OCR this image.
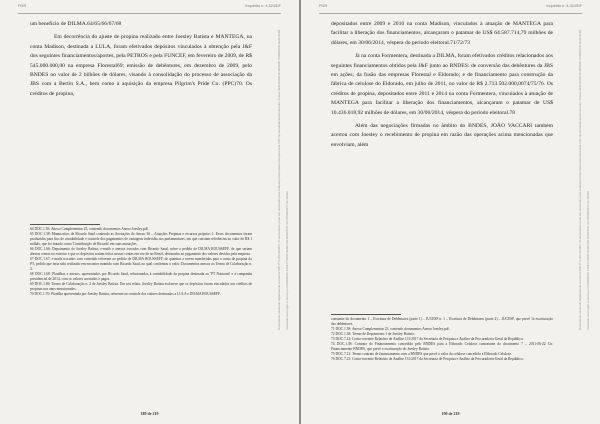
PGR	Inquérito n. 4.324/DF

um benefício de DILMA.64/65/66/67/68

Em decorrência do ajuste de propina realizado entre Joesley Batista e MANTEGA, na conta Madison, destinada a LULA, foram efetivados depósitos vinculados à obtenção pela J&F dos seguintes financiamentos/aportes, pela PETROS e pela FUNCEF, em fevereiro de 2009, de R$ 545.000.000,00 na empresa Florestal69; emissão de debêntures, em dezembro de 2009, pelo BNDES no valor de 2 bilhões de dólares, visando à consolidação do processo de associação da JBS com a Bertin S.A., bem como à aquisição da empresa Pilgrim's Pride Co. (PPC)70. Os créditos de propina,

64 DOC.1.36: Anexo Complementar 23, contendo documentos Anexo Joesley.pdf.

65 DOC.1.38: Manuscritos de Ricardo Saud contendo as Anotações do Anexo 36 – Atuações Propinas e recursos próprios 1. Esses documentos foram produzidos para fins de contabilidade e controle dos pagamentos de vantagens indevidas aos parlamentares, em que constam referências ao valor do R$ 1 milhão, que foi tratado como 'Contribuição de Ricardo' em suas anotações.

66 DOC.1.66: Depoimento de Joesley Batista, e-mails e anexos trocados com Ricardo Saud, sobre o pedido de DILMA ROUSSEFF, de que seriam abertas contas no exterior e que os depósitos seriam feitos nessas contas em vez de no Brasil, destinados ao pagamento dos valores devidos pela empresa.

67 DOC.1.67: e-mails trocados com conteúdo referente ao pedido de DILMA ROUSSEFF, de quantias a serem transferidas para a conta de propina do PT, pedido que teria sido realizado em encontro mantido com Ricardo Saud, no qual confirmou o valor. Documentos anexos ao Termo de Colaboração n. 3.

68 DOC.1.68: Planilhas e anexos, apresentados por Ricardo Saud, relacionados à contabilidade da propina destinada ao 'PT Nacional' e à campanha presidencial de 2014, com os valores acertados e pagos.

69 DOC.1.69: Termo de Colaboração n. 2 de Joesley Batista. Em seu relato, Joesley Batista esclarece que os depósitos foram vinculados aos créditos de propinas nos anos mencionados.

70 DOC.1.70: Planilha apresentada por Joesley Batista, referente ao controle dos valores destinados a LULA e DILMA ROUSSEFF.	Documento assinado digitalmente conforme MP nº 2.200-2/2001. O documento pode ser acessado pelo endereço http://www.transparencia.mpf.mp.br/validacaodocumento. Chave 6E1F0A2B.4C3D5E6F.7A8B9C0D.1E2F3A4B	Assinado com login e senha por RODRIGO JANOT MONTEIRO DE BARROS, em 05/09/2017 às 20h29
189 de 219
PGR	Inquérito n. 4.324/DF

depositados entre 2009 e 2010 na conta Madison, vinculados à atuação de MANTEGA para facilitar a liberação dos financiamentos, alcançaram o patamar de US$ 64.587.714,79 milhões de dólares, em 30/06/2014, véspera do período eleitoral.71/72/73

Já na conta Formentera, destinada a DILMA, foram efetivados créditos relacionados aos seguintes financiamentos obtidos pela J&F junto ao BNDES: de conversão das debêntures da JBS em ações; da fusão das empresas Florestal e Eldorado; e de financiamento para construção da fábrica de celulose do Eldorado, em julho de 2011, no valor de R$ 2.713.502.000,0074/75/76. Os créditos de propina, depositados entre 2011 e 2014 na conta Formentera, vinculados à atuação de MANTEGA para facilitar a liberação dos financiamentos, alcançaram o patamar de US$ 10.436.018,92 milhões de dólares, em 30/06/2014, véspera do período eleitoral.78

Além das negociações firmadas no âmbito do BNDES, JOÃO VACCARI também acertou com Joesley o recebimento de propina em razão das operações acima mencionadas que envolviam, além

constante do documento 1 – Escritura de Debêntures (parte 1) – JUCESP n. 1 – Escritura de Debêntures (parte 2) – JUCESP, que prevê 1a escrituração das debêntures.

71 DOC.1.38: Anexo Complementar 23, contendo documentos Anexo Joesley.pdf.

72 DOC.1.38: Termo de Depoimento 1 de Joesley Batista.

73 DOC.7.22: Conta-corrente Relatório de Análise 131/2017 da Secretaria de Pesquisa e Análise da Procuradoria-Geral da República.

74 DOC.1.38: Contrato de Financiamento concedido pelo BNDES para a Eldorado Celulose contratante do documento 7 – 2011-06-22 Ctr. Financiamento BNDES, que prevê o escrituração do Joesley Batista.

75 DOC.7.21: Termo contrato de financiamento com o BNDES que prevê o valor da celulose concedido a Eldorado Celulose.

76 DOC.7.23: Conta-corrente Relatório de Análise 131/2017 da Secretaria de Pesquisa e Análise da Procuradoria-Geral da República.

Documento assinado digitalmente conforme MP nº 2.200-2/2001. O documento pode ser acessado pelo endereço http://www.transparencia.mpf.mp.br/validacaodocumento. Chave 6E1F0A2B.4C3D5E6F.7A8B9C0D.1E2F3A4B	Assinado com login e senha por RODRIGO JANOT MONTEIRO DE BARROS, em 05/09/2017 às 20h29
190 de 219
